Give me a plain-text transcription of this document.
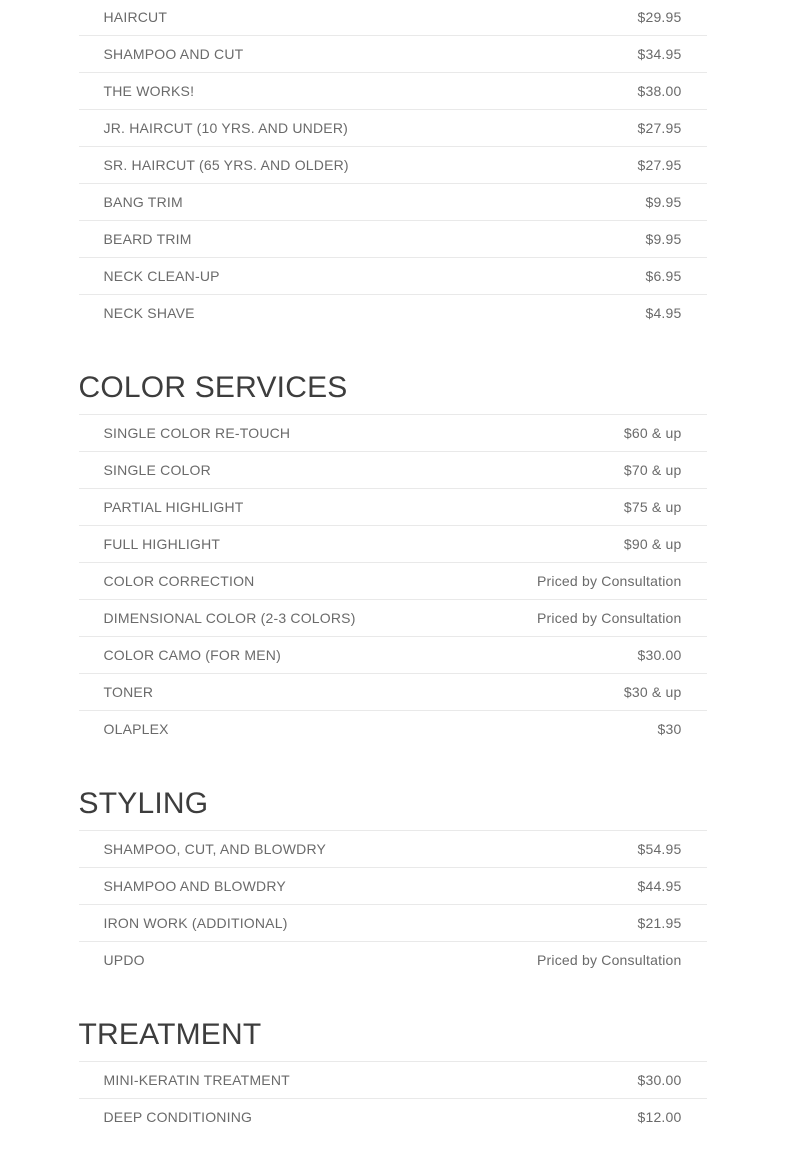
HAIRCUT	$29.95
SHAMPOO AND CUT	$34.95
THE WORKS!	$38.00
JR. HAIRCUT (10 YRS. AND UNDER)	$27.95
SR. HAIRCUT (65 YRS. AND OLDER)	$27.95
BANG TRIM	$9.95
BEARD TRIM	$9.95
NECK CLEAN-UP	$6.95
NECK SHAVE	$4.95
COLOR SERVICES
SINGLE COLOR RE-TOUCH	$60 & up
SINGLE COLOR	$70 & up
PARTIAL HIGHLIGHT	$75 & up
FULL HIGHLIGHT	$90 & up
COLOR CORRECTION	Priced by Consultation
DIMENSIONAL COLOR (2-3 COLORS)	Priced by Consultation
COLOR CAMO (FOR MEN)	$30.00
TONER	$30 & up
OLAPLEX	$30
STYLING
SHAMPOO, CUT, AND BLOWDRY	$54.95
SHAMPOO AND BLOWDRY	$44.95
IRON WORK (ADDITIONAL)	$21.95
UPDO	Priced by Consultation
TREATMENT
MINI-KERATIN TREATMENT	$30.00
DEEP CONDITIONING	$12.00
